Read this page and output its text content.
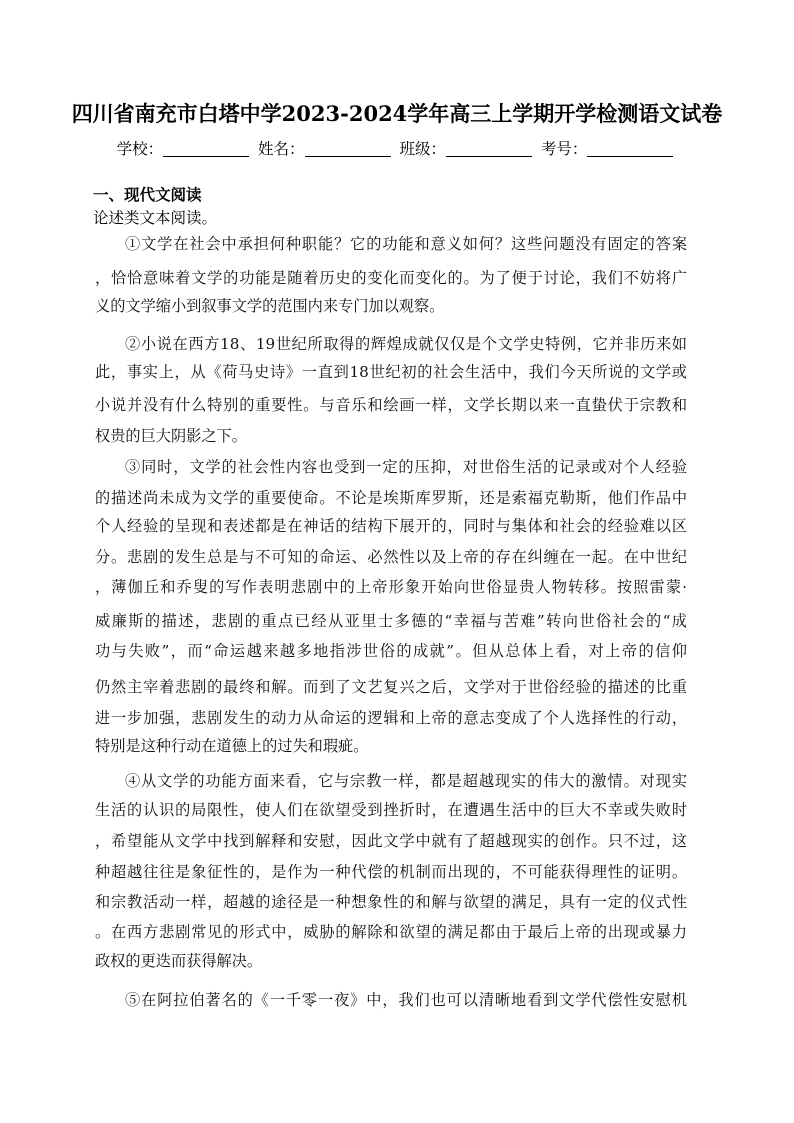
四川省南充市白塔中学2023-2024学年高三上学期开学检测语文试卷
学校：	姓名：	班级：	考号：
一、现代文阅读
论述类文本阅读。
①文学在社会中承担何种职能？它的功能和意义如何？这些问题没有固定的答案
，恰恰意味着文学的功能是随着历史的变化而变化的。为了便于讨论，我们不妨将广
义的文学缩小到叙事文学的范围内来专门加以观察。
②小说在西方18、19世纪所取得的辉煌成就仅仅是个文学史特例，它并非历来如
此，事实上，从《荷马史诗》一直到18世纪初的社会生活中，我们今天所说的文学或
小说并没有什么特别的重要性。与音乐和绘画一样，文学长期以来一直蛰伏于宗教和
权贵的巨大阴影之下。
③同时，文学的社会性内容也受到一定的压抑，对世俗生活的记录或对个人经验
的描述尚未成为文学的重要使命。不论是埃斯库罗斯，还是索福克勒斯，他们作品中
个人经验的呈现和表述都是在神话的结构下展开的，同时与集体和社会的经验难以区
分。悲剧的发生总是与不可知的命运、必然性以及上帝的存在纠缠在一起。在中世纪
，薄伽丘和乔叟的写作表明悲剧中的上帝形象开始向世俗显贵人物转移。按照雷蒙·
威廉斯的描述，悲剧的重点已经从亚里士多德的“幸福与苦难”转向世俗社会的“成
功与失败”，而“命运越来越多地指涉世俗的成就”。但从总体上看，对上帝的信仰
仍然主宰着悲剧的最终和解。而到了文艺复兴之后，文学对于世俗经验的描述的比重
进一步加强，悲剧发生的动力从命运的逻辑和上帝的意志变成了个人选择性的行动，
特别是这种行动在道德上的过失和瑕疵。
④从文学的功能方面来看，它与宗教一样，都是超越现实的伟大的激情。对现实
生活的认识的局限性，使人们在欲望受到挫折时，在遭遇生活中的巨大不幸或失败时
，希望能从文学中找到解释和安慰，因此文学中就有了超越现实的创作。只不过，这
种超越往往是象征性的，是作为一种代偿的机制而出现的，不可能获得理性的证明。
和宗教活动一样，超越的途径是一种想象性的和解与欲望的满足，具有一定的仪式性
。在西方悲剧常见的形式中，威胁的解除和欲望的满足都由于最后上帝的出现或暴力
政权的更迭而获得解决。
⑤在阿拉伯著名的《一千零一夜》中，我们也可以清晰地看到文学代偿性安慰机
